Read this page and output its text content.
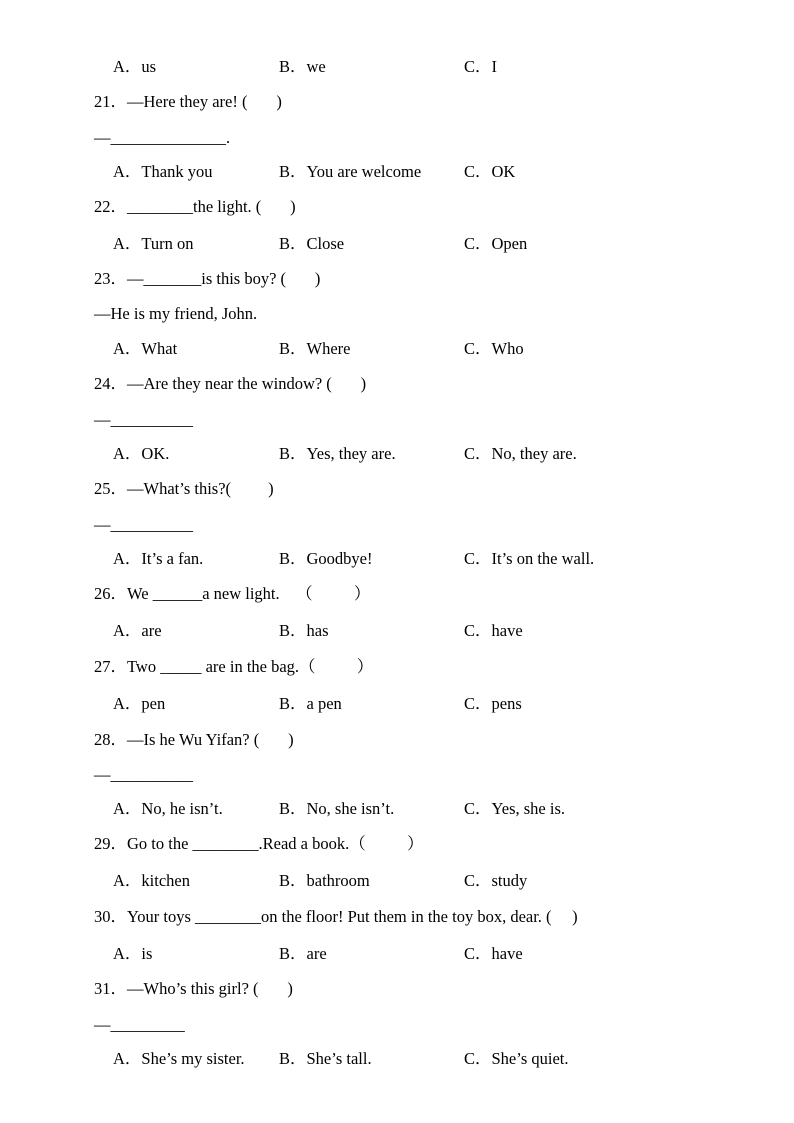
A．us	B．we	C．I
21．—Here they are! (       )
—______________.
A．Thank you	B．You are welcome	C．OK
22．________the light. (       )
A．Turn on	B．Close	C．Open
23．—_______is this boy? (       )
—He is my friend, John.
A．What	B．Where	C．Who
24．—Are they near the window? (       )
—__________
A．OK.	B．Yes, they are.	C．No, they are.
25．—What’s this?(         )
—__________
A．It’s a fan.	B．Goodbye!	C．It’s on the wall.
26．We ______a new light.    （          ）
A．are	B．has	C．have
27．Two _____ are in the bag.（          ）
A．pen	B．a pen	C．pens
28．—Is he Wu Yifan? (       )
—__________
A．No, he isn’t.	B．No, she isn’t.	C．Yes, she is.
29．Go to the ________.Read a book.（          ）
A．kitchen	B．bathroom	C．study
30．Your toys ________on the floor! Put them in the toy box, dear. (     )
A．is	B．are	C．have
31．—Who’s this girl? (       )
—_________
A．She’s my sister. B．She’s tall.	C．She’s quiet.
